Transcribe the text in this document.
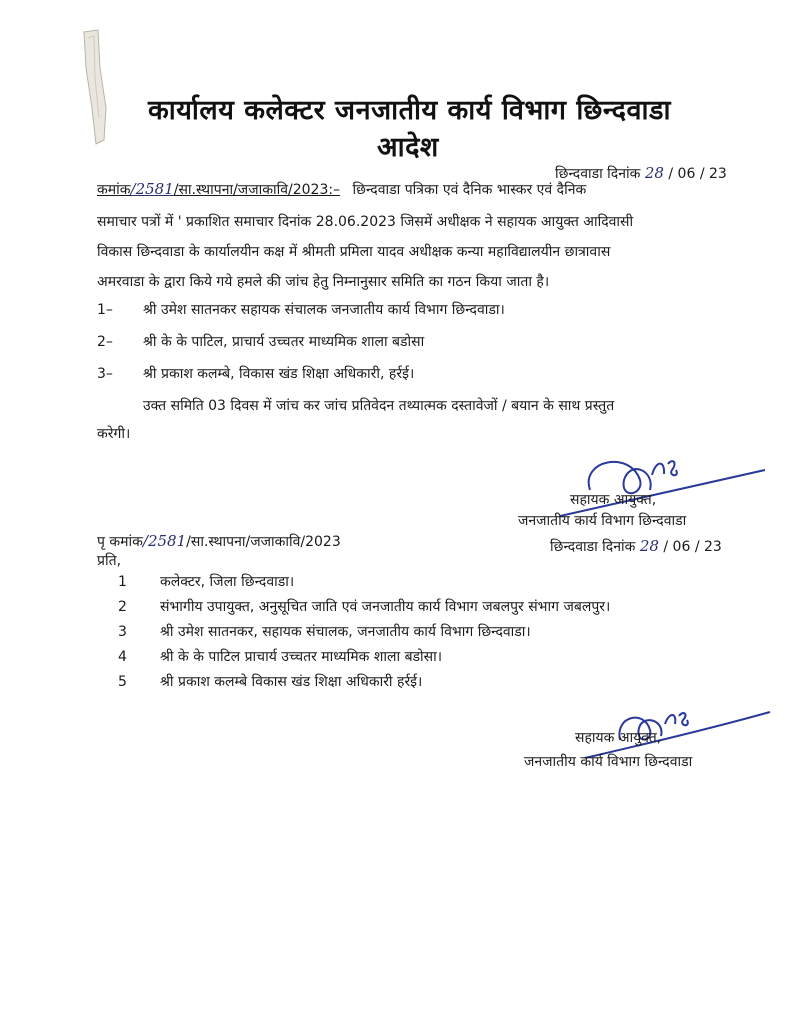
कार्यालय कलेक्टर जनजातीय कार्य विभाग छिन्दवाडा
आदेश
छिन्दवाडा दिनांक 28 / 06 / 23
कमांक/2581/सा.स्थापना/जजाकावि/2023:– छिन्दवाडा पत्रिका एवं दैनिक भास्कर एवं दैनिक
समाचार पत्रों में ' प्रकाशित समाचार दिनांक 28.06.2023 जिसमें अधीक्षक ने सहायक आयुक्त आदिवासी
विकास छिन्दवाडा के कार्यालयीन कक्ष में श्रीमती प्रमिला यादव अधीक्षक कन्या महाविद्यालयीन छात्रावास
अमरवाडा के द्वारा किये गये हमले की जांच हेतु निम्नानुसार समिति का गठन किया जाता है।
1– श्री उमेश सातनकर सहायक संचालक जनजातीय कार्य विभाग छिन्दवाडा।
2– श्री के के पाटिल, प्राचार्य उच्चतर माध्यमिक शाला बडोसा
3– श्री प्रकाश कलम्बे, विकास खंड शिक्षा अधिकारी, हर्रई।
उक्त समिति 03 दिवस में जांच कर जांच प्रतिवेदन तथ्यात्मक दस्तावेजों / बयान के साथ प्रस्तुत
करेगी।
सहायक आयुक्त,
जनजातीय कार्य विभाग छिन्दवाडा
छिन्दवाडा दिनांक 28 / 06 / 23
पृ कमांक/2581/सा.स्थापना/जजाकावि/2023
प्रति,
1 कलेक्टर, जिला छिन्दवाडा।
2 संभागीय उपायुक्त, अनुसूचित जाति एवं जनजातीय कार्य विभाग जबलपुर संभाग जबलपुर।
3 श्री उमेश सातनकर, सहायक संचालक, जनजातीय कार्य विभाग छिन्दवाडा।
4 श्री के के पाटिल प्राचार्य उच्चतर माध्यमिक शाला बडोसा।
5 श्री प्रकाश कलम्बे विकास खंड शिक्षा अधिकारी हर्रई।
सहायक आयुक्त,
जनजातीय कार्य विभाग छिन्दवाडा
